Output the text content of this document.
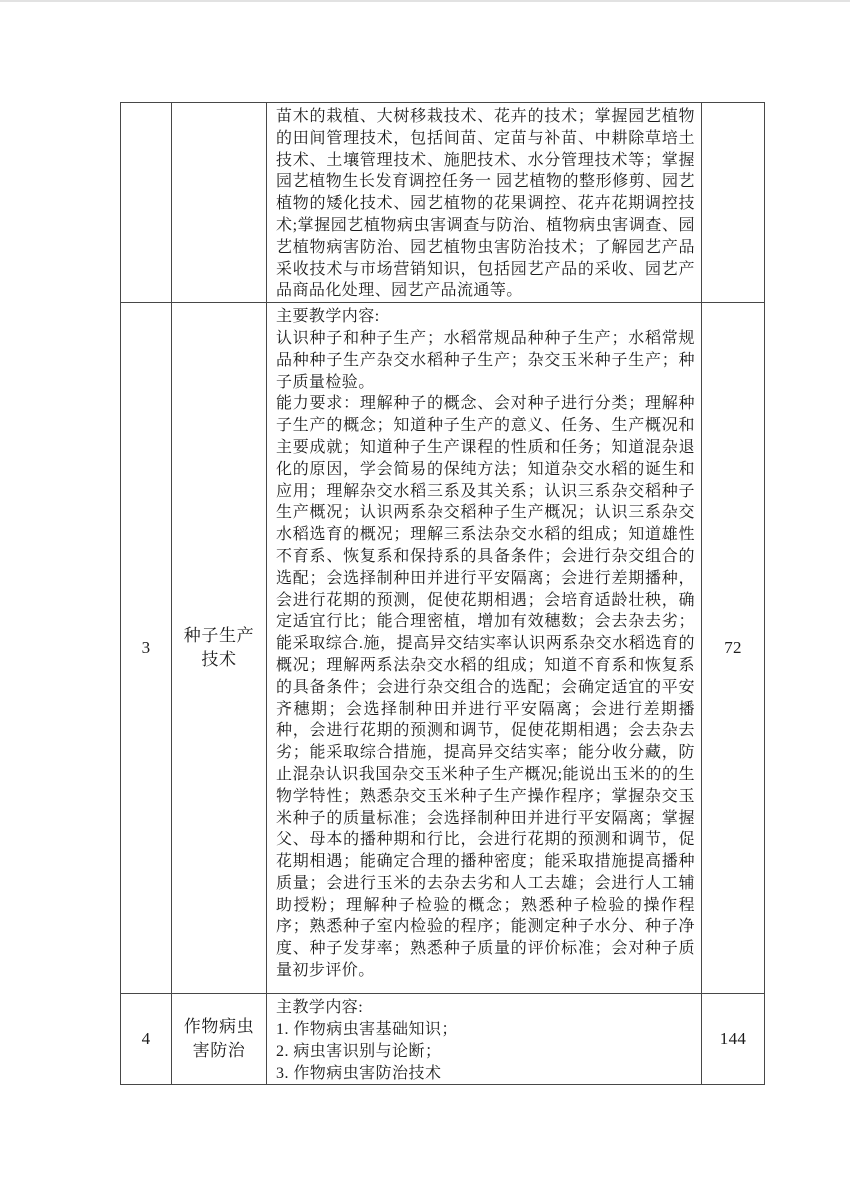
		苗木的栽植、大树移栽技术、花卉的技术；掌握园艺植物的田间管理技术，包括间苗、定苗与补苗、中耕除草培土技术、土壤管理技术、施肥技术、水分管理技术等；掌握园艺植物生长发育调控任务一 园艺植物的整形修剪、园艺植物的矮化技术、园艺植物的花果调控、花卉花期调控技术;掌握园艺植物病虫害调查与防治、植物病虫害调查、园艺植物病害防治、园艺植物虫害防治技术；了解园艺产品采收技术与市场营销知识，包括园艺产品的采收、园艺产品商品化处理、园艺产品流通等。	

3	种子生产技术	主要教学内容:

认识种子和种子生产；水稻常规品种种子生产；水稻常规品种种子生产杂交水稻种子生产；杂交玉米种子生产；种子质量检验。

能力要求：理解种子的概念、会对种子进行分类；理解种子生产的概念；知道种子生产的意义、任务、生产概况和主要成就；知道种子生产课程的性质和任务；知道混杂退化的原因，学会简易的保纯方法；知道杂交水稻的诞生和应用；理解杂交水稻三系及其关系；认识三系杂交稻种子生产概况；认识两系杂交稻种子生产概况；认识三系杂交水稻选育的概况；理解三系法杂交水稻的组成；知道雄性不育系、恢复系和保持系的具备条件；会进行杂交组合的选配；会选择制种田并进行平安隔离；会进行差期播种，会进行花期的预测，促使花期相遇；会培育适龄壮秧，确定适宜行比；能合理密植，增加有效穗数；会去杂去劣；能采取综合.施，提高异交结实率认识两系杂交水稻选育的概况；理解两系法杂交水稻的组成；知道不育系和恢复系的具备条件；会进行杂交组合的选配；会确定适宜的平安齐穗期；会选择制种田并进行平安隔离；会进行差期播种，会进行花期的预测和调节，促使花期相遇；会去杂去劣；能采取综合措施，提高异交结实率；能分收分藏，防止混杂认识我国杂交玉米种子生产概况;能说出玉米的的生物学特性；熟悉杂交玉米种子生产操作程序；掌握杂交玉米种子的质量标准；会选择制种田并进行平安隔离；掌握父、母本的播种期和行比，会进行花期的预测和调节，促花期相遇；能确定合理的播种密度；能采取措施提高播种质量；会进行玉米的去杂去劣和人工去雄；会进行人工辅助授粉；理解种子检验的概念；熟悉种子检验的操作程序；熟悉种子室内检验的程序；能测定种子水分、种子净度、种子发芽率；熟悉种子质量的评价标准；会对种子质量初步评价。	72
4	作物病虫害防治	主教学内容:

1. 作物病虫害基础知识；

2. 病虫害识别与论断；

3. 作物病虫害防治技术	144
